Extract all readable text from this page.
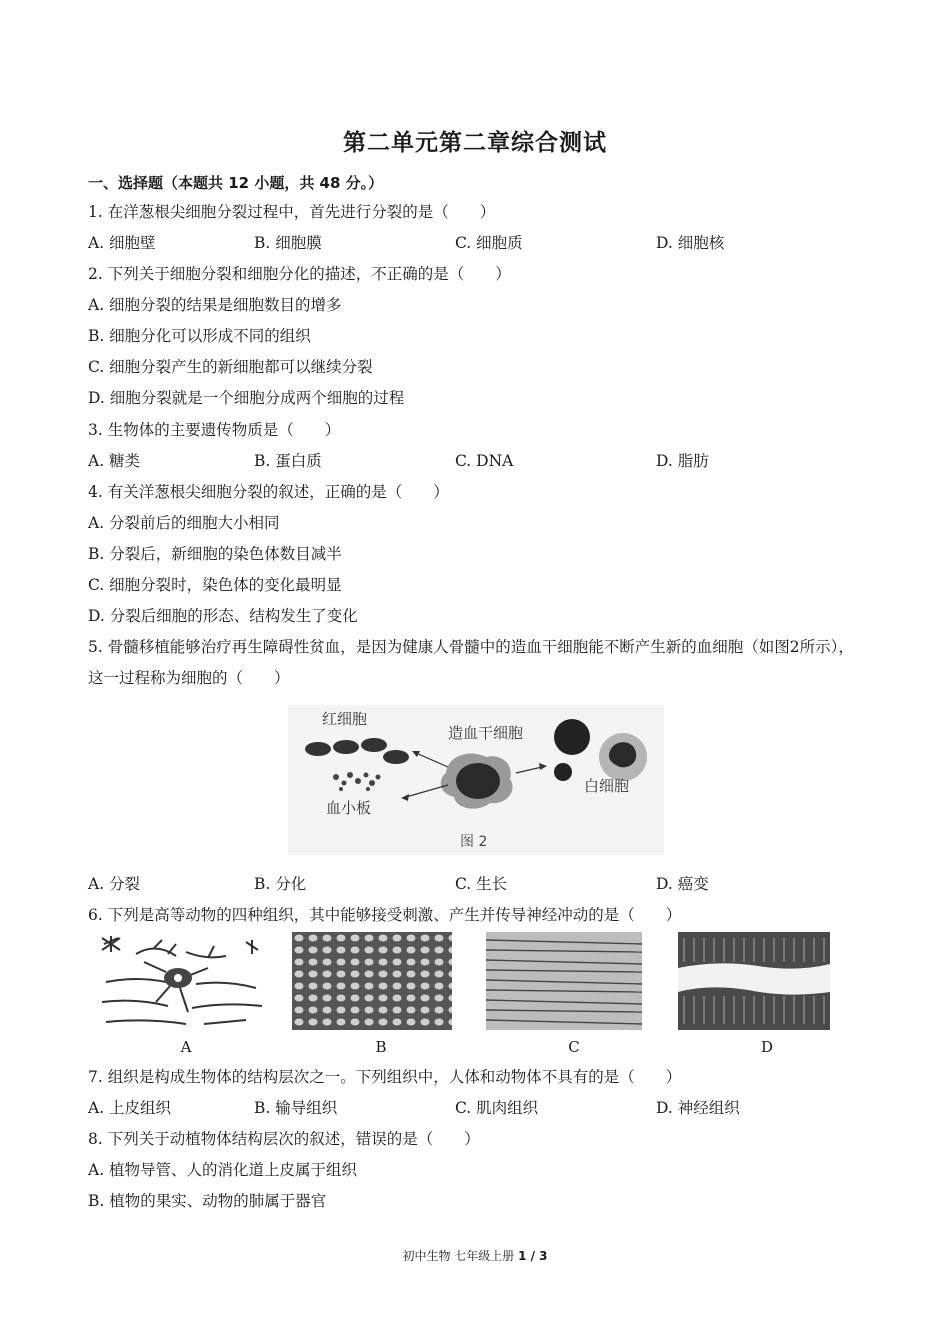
第二单元第二章综合测试
一、选择题（本题共 12 小题，共 48 分。）
1. 在洋葱根尖细胞分裂过程中，首先进行分裂的是（　　）
A. 细胞壁	B. 细胞膜	C. 细胞质	D. 细胞核
2. 下列关于细胞分裂和细胞分化的描述，不正确的是（　　）
A. 细胞分裂的结果是细胞数目的增多
B. 细胞分化可以形成不同的组织
C. 细胞分裂产生的新细胞都可以继续分裂
D. 细胞分裂就是一个细胞分成两个细胞的过程
3. 生物体的主要遗传物质是（　　）
A. 糖类	B. 蛋白质	C. DNA	D. 脂肪
4. 有关洋葱根尖细胞分裂的叙述，正确的是（　　）
A. 分裂前后的细胞大小相同
B. 分裂后，新细胞的染色体数目减半
C. 细胞分裂时，染色体的变化最明显
D. 分裂后细胞的形态、结构发生了变化
5. 骨髓移植能够治疗再生障碍性贫血，是因为健康人骨髓中的造血干细胞能不断产生新的血细胞（如图2所示），这一过程称为细胞的（　　）
红细胞
造血干细胞
白细胞
血小板
图 2
A. 分裂	B. 分化	C. 生长	D. 癌变
6. 下列是高等动物的四种组织，其中能够接受刺激、产生并传导神经冲动的是（　　）
A	B	C	D
7. 组织是构成生物体的结构层次之一。下列组织中，人体和动物体不具有的是（　　）
A. 上皮组织	B. 输导组织	C. 肌肉组织	D. 神经组织
8. 下列关于动植物体结构层次的叙述，错误的是（　　）
A. 植物导管、人的消化道上皮属于组织
B. 植物的果实、动物的肺属于器官
初中生物 七年级上册 1 / 3
